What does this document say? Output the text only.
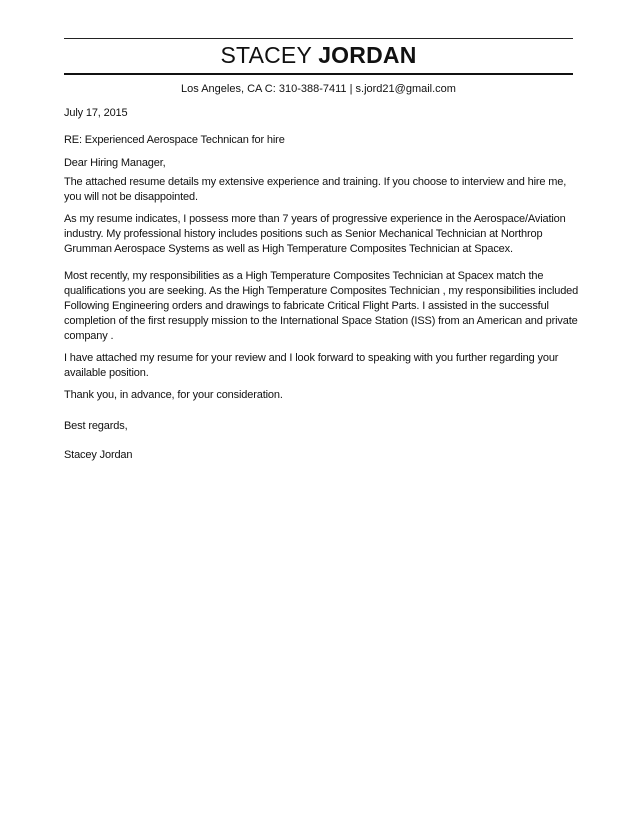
STACEY JORDAN
Los Angeles, CA C: 310-388-7411 | s.jord21@gmail.com

July 17, 2015

RE: Experienced Aerospace Technican for hire

Dear Hiring Manager,

The attached resume details my extensive experience and training. If you choose to interview and hire me, you will not be disappointed.

As my resume indicates, I possess more than 7 years of progressive experience in the Aerospace/Aviation industry. My professional history includes positions such as Senior Mechanical Technician at Northrop Grumman Aerospace Systems as well as High Temperature Composites Technician at Spacex.

Most recently, my responsibilities as a High Temperature Composites Technician at Spacex match the qualifications you are seeking. As the High Temperature Composites Technician , my responsibilities included Following Engineering orders and drawings to fabricate Critical Flight Parts. I assisted in the successful completion of the first resupply mission to the International Space Station (ISS) from an American and private company .

I have attached my resume for your review and I look forward to speaking with you further regarding your available position.

Thank you, in advance, for your consideration.

Best regards,

Stacey Jordan
